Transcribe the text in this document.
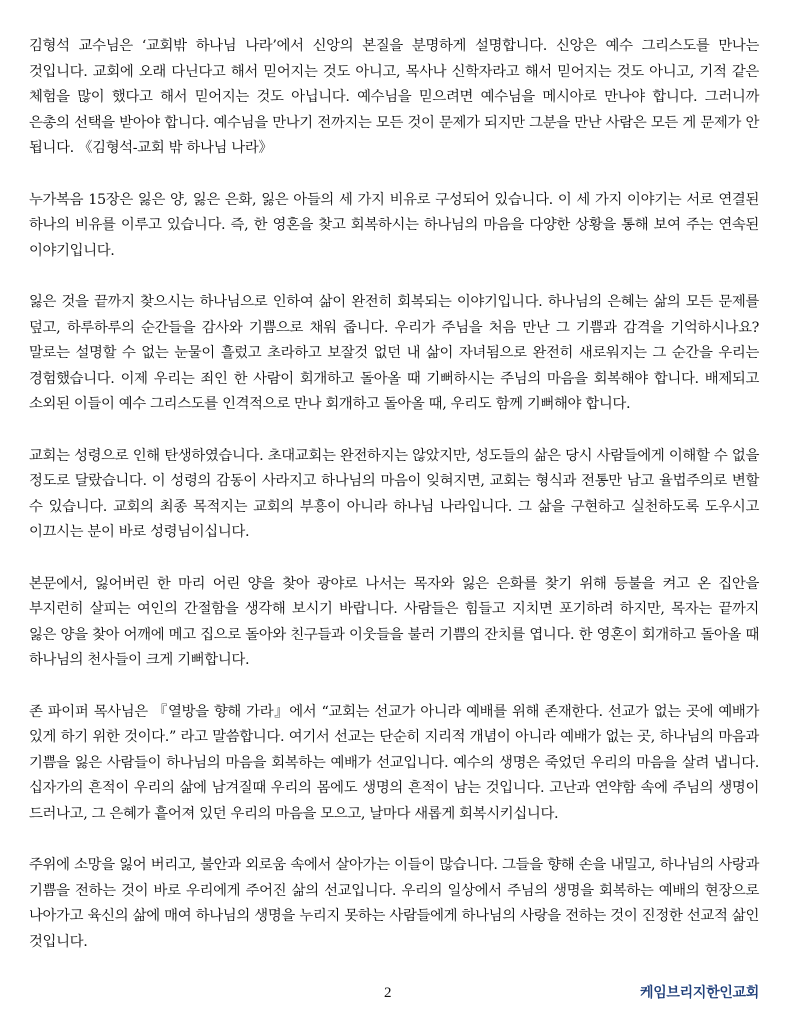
김형석 교수님은 ‘교회밖 하나님 나라’에서 신앙의 본질을 분명하게 설명합니다. 신앙은 예수 그리스도를 만나는 것입니다. 교회에 오래 다닌다고 해서 믿어지는 것도 아니고, 목사나 신학자라고 해서 믿어지는 것도 아니고, 기적 같은 체험을 많이 했다고 해서 믿어지는 것도 아닙니다. 예수님을 믿으려면 예수님을 메시아로 만나야 합니다. 그러니까 은총의 선택을 받아야 합니다. 예수님을 만나기 전까지는 모든 것이 문제가 되지만 그분을 만난 사람은 모든 게 문제가 안 됩니다. 《김형석-교회 밖 하나님 나라》

누가복음 15장은 잃은 양, 잃은 은화, 잃은 아들의 세 가지 비유로 구성되어 있습니다. 이 세 가지 이야기는 서로 연결된 하나의 비유를 이루고 있습니다. 즉, 한 영혼을 찾고 회복하시는 하나님의 마음을 다양한 상황을 통해 보여 주는 연속된 이야기입니다.

잃은 것을 끝까지 찾으시는 하나님으로 인하여 삶이 완전히 회복되는 이야기입니다. 하나님의 은혜는 삶의 모든 문제를 덮고, 하루하루의 순간들을 감사와 기쁨으로 채워 줍니다. 우리가 주님을 처음 만난 그 기쁨과 감격을 기억하시나요? 말로는 설명할 수 없는 눈물이 흘렀고 초라하고 보잘것 없던 내 삶이 자녀됨으로 완전히 새로워지는 그 순간을 우리는 경험했습니다. 이제 우리는 죄인 한 사람이 회개하고 돌아올 때 기뻐하시는 주님의 마음을 회복해야 합니다. 배제되고 소외된 이들이 예수 그리스도를 인격적으로 만나 회개하고 돌아올 때, 우리도 함께 기뻐해야 합니다.

교회는 성령으로 인해 탄생하였습니다. 초대교회는 완전하지는 않았지만, 성도들의 삶은 당시 사람들에게 이해할 수 없을 정도로 달랐습니다. 이 성령의 감동이 사라지고 하나님의 마음이 잊혀지면, 교회는 형식과 전통만 남고 율법주의로 변할 수 있습니다. 교회의 최종 목적지는 교회의 부흥이 아니라 하나님 나라입니다. 그 삶을 구현하고 실천하도록 도우시고 이끄시는 분이 바로 성령님이십니다.

본문에서, 잃어버린 한 마리 어린 양을 찾아 광야로 나서는 목자와 잃은 은화를 찾기 위해 등불을 켜고 온 집안을 부지런히 살피는 여인의 간절함을 생각해 보시기 바랍니다. 사람들은 힘들고 지치면 포기하려 하지만, 목자는 끝까지 잃은 양을 찾아 어깨에 메고 집으로 돌아와 친구들과 이웃들을 불러 기쁨의 잔치를 엽니다. 한 영혼이 회개하고 돌아올 때 하나님의 천사들이 크게 기뻐합니다.

존 파이퍼 목사님은 『열방을 향해 가라』에서 “교회는 선교가 아니라 예배를 위해 존재한다. 선교가 없는 곳에 예배가 있게 하기 위한 것이다.” 라고 말씀합니다. 여기서 선교는 단순히 지리적 개념이 아니라 예배가 없는 곳, 하나님의 마음과 기쁨을 잃은 사람들이 하나님의 마음을 회복하는 예배가 선교입니다. 예수의 생명은 죽었던 우리의 마음을 살려 냅니다. 십자가의 흔적이 우리의 삶에 남겨질때 우리의 몸에도 생명의 흔적이 남는 것입니다. 고난과 연약함 속에 주님의 생명이 드러나고, 그 은혜가 흩어져 있던 우리의 마음을 모으고, 날마다 새롭게 회복시키십니다.

주위에 소망을 잃어 버리고, 불안과 외로움 속에서 살아가는 이들이 많습니다. 그들을 향해 손을 내밀고, 하나님의 사랑과 기쁨을 전하는 것이 바로 우리에게 주어진 삶의 선교입니다. 우리의 일상에서 주님의 생명을 회복하는 예배의 현장으로 나아가고 육신의 삶에 매여 하나님의 생명을 누리지 못하는 사람들에게 하나님의 사랑을 전하는 것이 진정한 선교적 삶인 것입니다.

2	케임브리지한인교회
